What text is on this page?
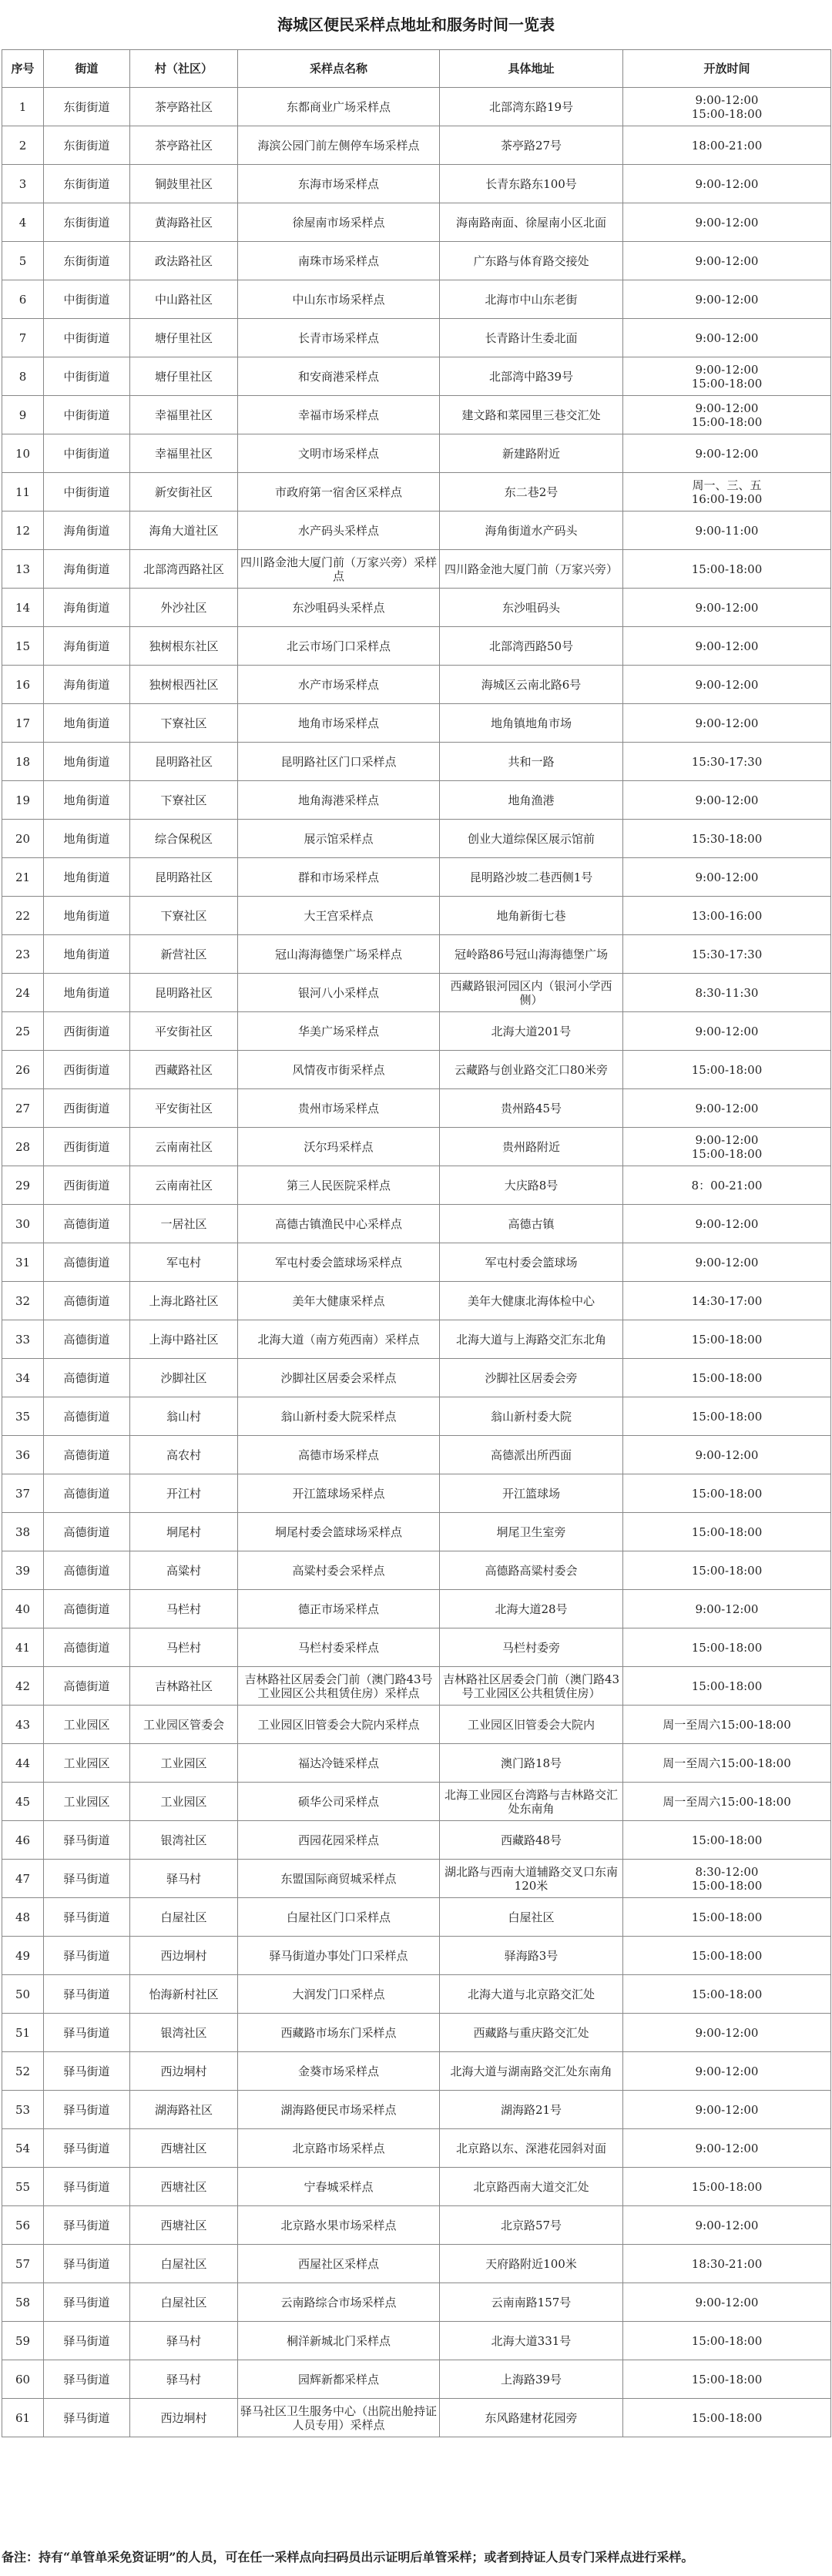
海城区便民采样点地址和服务时间一览表
序号	街道	村（社区）	采样点名称	具体地址	开放时间
1	东街街道	茶亭路社区	东都商业广场采样点	北部湾东路19号	9:00-12:00
15:00-18:00
2	东街街道	茶亭路社区	海滨公园门前左侧停车场采样点	茶亭路27号	18:00-21:00
3	东街街道	铜鼓里社区	东海市场采样点	长青东路东100号	9:00-12:00
4	东街街道	黄海路社区	徐屋南市场采样点	海南路南面、徐屋南小区北面	9:00-12:00
5	东街街道	政法路社区	南珠市场采样点	广东路与体育路交接处	9:00-12:00
6	中街街道	中山路社区	中山东市场采样点	北海市中山东老街	9:00-12:00
7	中街街道	塘仔里社区	长青市场采样点	长青路计生委北面	9:00-12:00
8	中街街道	塘仔里社区	和安商港采样点	北部湾中路39号	9:00-12:00
15:00-18:00
9	中街街道	幸福里社区	幸福市场采样点	建文路和菜园里三巷交汇处	9:00-12:00
15:00-18:00
10	中街街道	幸福里社区	文明市场采样点	新建路附近	9:00-12:00
11	中街街道	新安街社区	市政府第一宿舍区采样点	东二巷2号	周一、三、五
16:00-19:00
12	海角街道	海角大道社区	水产码头采样点	海角街道水产码头	9:00-11:00
13	海角街道	北部湾西路社区	四川路金池大厦门前（万家兴旁）采样点	四川路金池大厦门前（万家兴旁）	15:00-18:00
14	海角街道	外沙社区	东沙咀码头采样点	东沙咀码头	9:00-12:00
15	海角街道	独树根东社区	北云市场门口采样点	北部湾西路50号	9:00-12:00
16	海角街道	独树根西社区	水产市场采样点	海城区云南北路6号	9:00-12:00
17	地角街道	下寮社区	地角市场采样点	地角镇地角市场	9:00-12:00
18	地角街道	昆明路社区	昆明路社区门口采样点	共和一路	15:30-17:30
19	地角街道	下寮社区	地角海港采样点	地角渔港	9:00-12:00
20	地角街道	综合保税区	展示馆采样点	创业大道综保区展示馆前	15:30-18:00
21	地角街道	昆明路社区	群和市场采样点	昆明路沙坡二巷西侧1号	9:00-12:00
22	地角街道	下寮社区	大王宫采样点	地角新街七巷	13:00-16:00
23	地角街道	新营社区	冠山海海德堡广场采样点	冠岭路86号冠山海海德堡广场	15:30-17:30
24	地角街道	昆明路社区	银河八小采样点	西藏路银河园区内（银河小学西侧）	8:30-11:30
25	西街街道	平安街社区	华美广场采样点	北海大道201号	9:00-12:00
26	西街街道	西藏路社区	风情夜市街采样点	云藏路与创业路交汇口80米旁	15:00-18:00
27	西街街道	平安街社区	贵州市场采样点	贵州路45号	9:00-12:00
28	西街街道	云南南社区	沃尔玛采样点	贵州路附近	9:00-12:00
15:00-18:00
29	西街街道	云南南社区	第三人民医院采样点	大庆路8号	8：00-21:00
30	高德街道	一居社区	高德古镇渔民中心采样点	高德古镇	9:00-12:00
31	高德街道	军屯村	军屯村委会篮球场采样点	军屯村委会篮球场	9:00-12:00
32	高德街道	上海北路社区	美年大健康采样点	美年大健康北海体检中心	14:30-17:00
33	高德街道	上海中路社区	北海大道（南方苑西南）采样点	北海大道与上海路交汇东北角	15:00-18:00
34	高德街道	沙脚社区	沙脚社区居委会采样点	沙脚社区居委会旁	15:00-18:00
35	高德街道	翁山村	翁山新村委大院采样点	翁山新村委大院	15:00-18:00
36	高德街道	高农村	高德市场采样点	高德派出所西面	9:00-12:00
37	高德街道	开江村	开江篮球场采样点	开江篮球场	15:00-18:00
38	高德街道	垌尾村	垌尾村委会篮球场采样点	垌尾卫生室旁	15:00-18:00
39	高德街道	高粱村	高粱村委会采样点	高德路高粱村委会	15:00-18:00
40	高德街道	马栏村	德正市场采样点	北海大道28号	9:00-12:00
41	高德街道	马栏村	马栏村委采样点	马栏村委旁	15:00-18:00
42	高德街道	吉林路社区	吉林路社区居委会门前（澳门路43号工业园区公共租赁住房）采样点	吉林路社区居委会门前（澳门路43号工业园区公共租赁住房）	15:00-18:00
43	工业园区	工业园区管委会	工业园区旧管委会大院内采样点	工业园区旧管委会大院内	周一至周六15:00-18:00
44	工业园区	工业园区	福达冷链采样点	澳门路18号	周一至周六15:00-18:00
45	工业园区	工业园区	硕华公司采样点	北海工业园区台湾路与吉林路交汇处东南角	周一至周六15:00-18:00
46	驿马街道	银湾社区	西园花园采样点	西藏路48号	15:00-18:00
47	驿马街道	驿马村	东盟国际商贸城采样点	湖北路与西南大道辅路交叉口东南120米	8:30-12:00
15:00-18:00
48	驿马街道	白屋社区	白屋社区门口采样点	白屋社区	15:00-18:00
49	驿马街道	西边垌村	驿马街道办事处门口采样点	驿海路3号	15:00-18:00
50	驿马街道	怡海新村社区	大润发门口采样点	北海大道与北京路交汇处	15:00-18:00
51	驿马街道	银湾社区	西藏路市场东门采样点	西藏路与重庆路交汇处	9:00-12:00
52	驿马街道	西边垌村	金葵市场采样点	北海大道与湖南路交汇处东南角	9:00-12:00
53	驿马街道	湖海路社区	湖海路便民市场采样点	湖海路21号	9:00-12:00
54	驿马街道	西塘社区	北京路市场采样点	北京路以东、深港花园斜对面	9:00-12:00
55	驿马街道	西塘社区	宁春城采样点	北京路西南大道交汇处	15:00-18:00
56	驿马街道	西塘社区	北京路水果市场采样点	北京路57号	9:00-12:00
57	驿马街道	白屋社区	西屋社区采样点	天府路附近100米	18:30-21:00
58	驿马街道	白屋社区	云南路综合市场采样点	云南南路157号	9:00-12:00
59	驿马街道	驿马村	桐洋新城北门采样点	北海大道331号	15:00-18:00
60	驿马街道	驿马村	园辉新都采样点	上海路39号	15:00-18:00
61	驿马街道	西边垌村	驿马社区卫生服务中心（出院出舱持证人员专用）采样点	东风路建材花园旁	15:00-18:00
备注：持有“单管单采免资证明”的人员，可在任一采样点向扫码员出示证明后单管采样；或者到持证人员专门采样点进行采样。
